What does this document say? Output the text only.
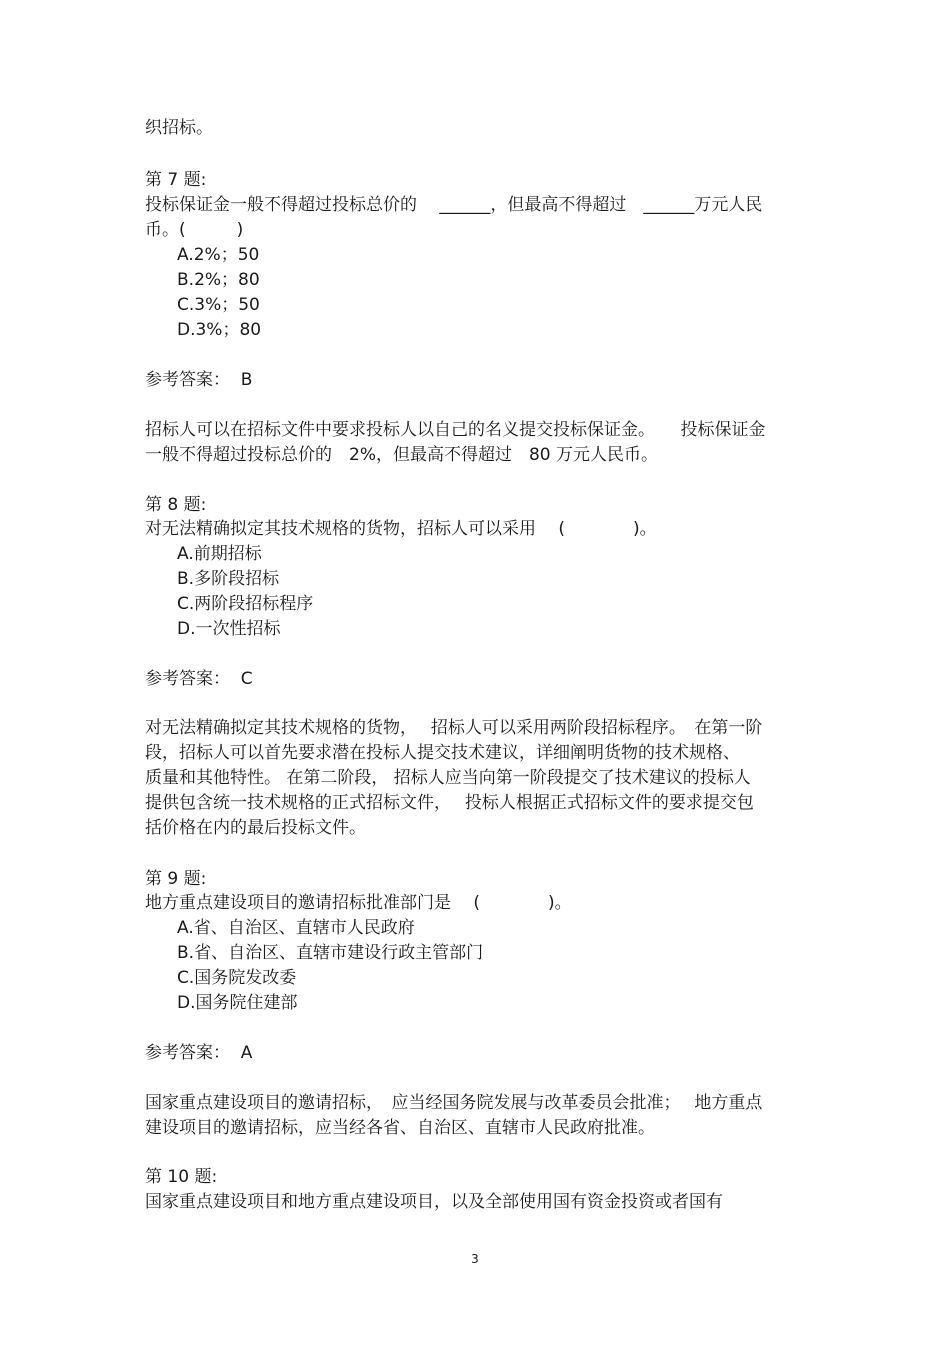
织招标。
第 7 题:
投标保证金一般不得超过投标总价的　 ______，但最高不得超过　______万元人民
币。(　　　)
A.2%；50
B.2%；80
C.3%；50
D.3%；80
参考答案：  B
招标人可以在招标文件中要求投标人以自己的名义提交投标保证金。　　投标保证金
一般不得超过投标总价的　2%，但最高不得超过　80 万元人民币。
第 8 题:
对无法精确拟定其技术规格的货物，招标人可以采用　 (　　　　)。
A.前期招标
B.多阶段招标
C.两阶段招标程序
D.一次性招标
参考答案：  C
对无法精确拟定其技术规格的货物，　 招标人可以采用两阶段招标程序。　在第一阶
段，招标人可以首先要求潜在投标人提交技术建议，详细阐明货物的技术规格、
质量和其他特性。 在第二阶段， 招标人应当向第一阶段提交了技术建议的投标人
提供包含统一技术规格的正式招标文件，　 投标人根据正式招标文件的要求提交包
括价格在内的最后投标文件。
第 9 题:
地方重点建设项目的邀请招标批准部门是　 (　　　　)。
A.省、自治区、直辖市人民政府
B.省、自治区、直辖市建设行政主管部门
C.国务院发改委
D.国务院住建部
参考答案：  A
国家重点建设项目的邀请招标，　应当经国务院发展与改革委员会批准；　 地方重点
建设项目的邀请招标，应当经各省、自治区、直辖市人民政府批准。
第 10 题:
国家重点建设项目和地方重点建设项目，以及全部使用国有资金投资或者国有
3
